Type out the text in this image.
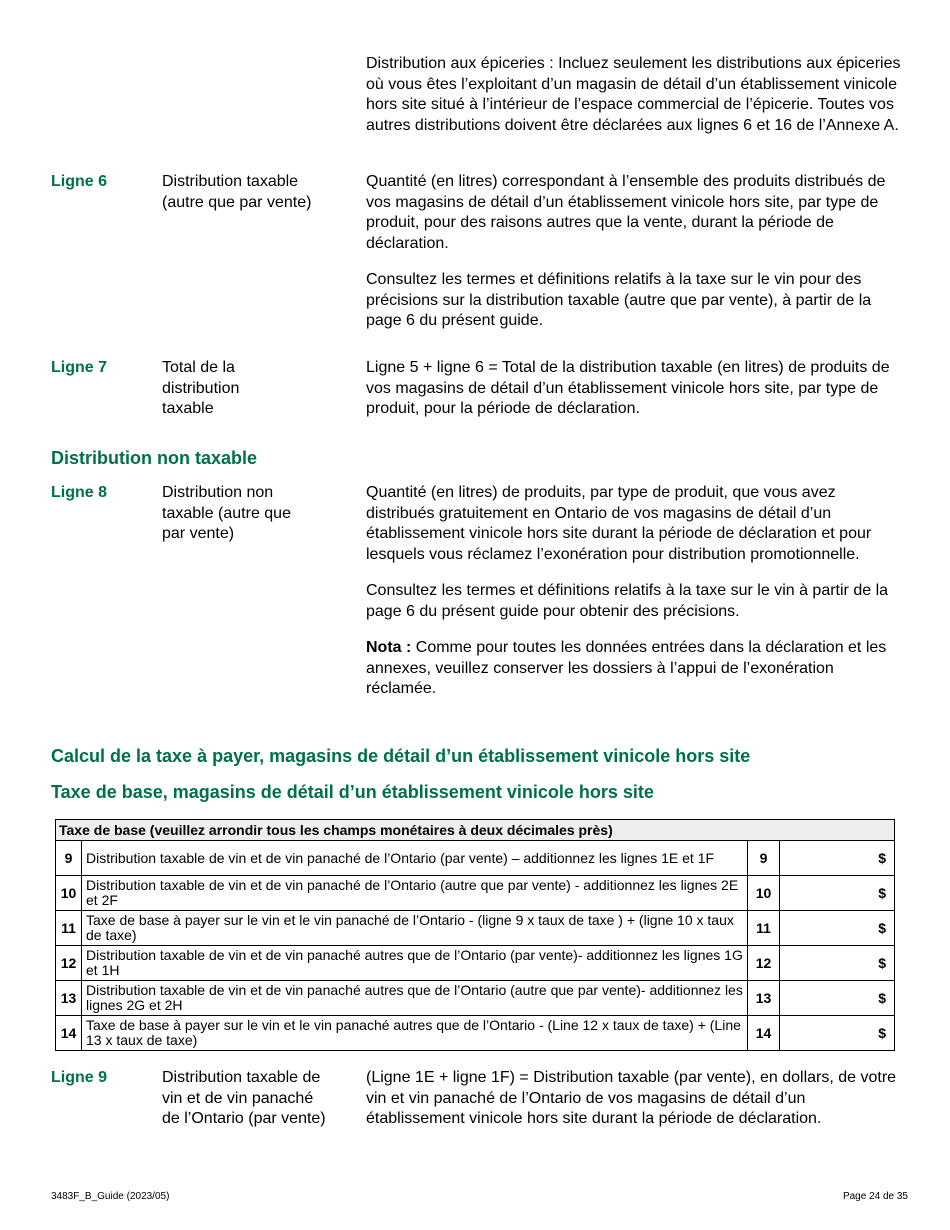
Distribution aux épiceries : Incluez seulement les distributions aux épiceries où vous êtes l’exploitant d’un magasin de détail d’un établissement vinicole hors site situé à l’intérieur de l’espace commercial de l’épicerie. Toutes vos autres distributions doivent être déclarées aux lignes 6 et 16 de l’Annexe A.

Ligne 6	Distribution taxable (autre que par vente)

Quantité (en litres) correspondant à l’ensemble des produits distribués de vos magasins de détail d’un établissement vinicole hors site, par type de produit, pour des raisons autres que la vente, durant la période de déclaration.

Consultez les termes et définitions relatifs à la taxe sur le vin pour des précisions sur la distribution taxable (autre que par vente), à partir de la page 6 du présent guide.

Ligne 7	Total de la distribution taxable

Ligne 5 + ligne 6 = Total de la distribution taxable (en litres) de produits de vos magasins de détail d’un établissement vinicole hors site, par type de produit, pour la période de déclaration.

Distribution non taxable
Ligne 8	Distribution non taxable (autre que par vente)

Quantité (en litres) de produits, par type de produit, que vous avez distribués gratuitement en Ontario de vos magasins de détail d’un établissement vinicole hors site durant la période de déclaration et pour lesquels vous réclamez l’exonération pour distribution promotionnelle.

Consultez les termes et définitions relatifs à la taxe sur le vin à partir de la page 6 du présent guide pour obtenir des précisions.

Nota : Comme pour toutes les données entrées dans la déclaration et les annexes, veuillez conserver les dossiers à l’appui de l’exonération réclamée.

Calcul de la taxe à payer, magasins de détail d’un établissement vinicole hors site
Taxe de base, magasins de détail d’un établissement vinicole hors site
Taxe de base (veuillez arrondir tous les champs monétaires à deux décimales près)			
9	Distribution taxable de vin et de vin panaché de l’Ontario (par vente) – additionnez les lignes 1E et 1F	9	$
10	Distribution taxable de vin et de vin panaché de l’Ontario (autre que par vente) - additionnez les lignes 2E et 2F	10	$
11	Taxe de base à payer sur le vin et le vin panaché de l’Ontario - (ligne 9 x taux de taxe ) + (ligne 10 x taux de taxe)	11	$
12	Distribution taxable de vin et de vin panaché autres que de l’Ontario (par vente)- additionnez les lignes 1G et 1H	12	$
13	Distribution taxable de vin et de vin panaché autres que de l’Ontario (autre que par vente)- additionnez les lignes 2G et 2H	13	$
14	Taxe de base à payer sur le vin et le vin panaché autres que de l’Ontario - (Line 12 x taux de taxe) + (Line 13 x taux de taxe)	14	$
Ligne 9	Distribution taxable de vin et de vin panaché de l’Ontario (par vente)

(Ligne 1E + ligne 1F) = Distribution taxable (par vente), en dollars, de votre vin et vin panaché de l’Ontario de vos magasins de détail d’un établissement vinicole hors site durant la période de déclaration.

3483F_B_Guide (2023/05)	Page 24 de 35
